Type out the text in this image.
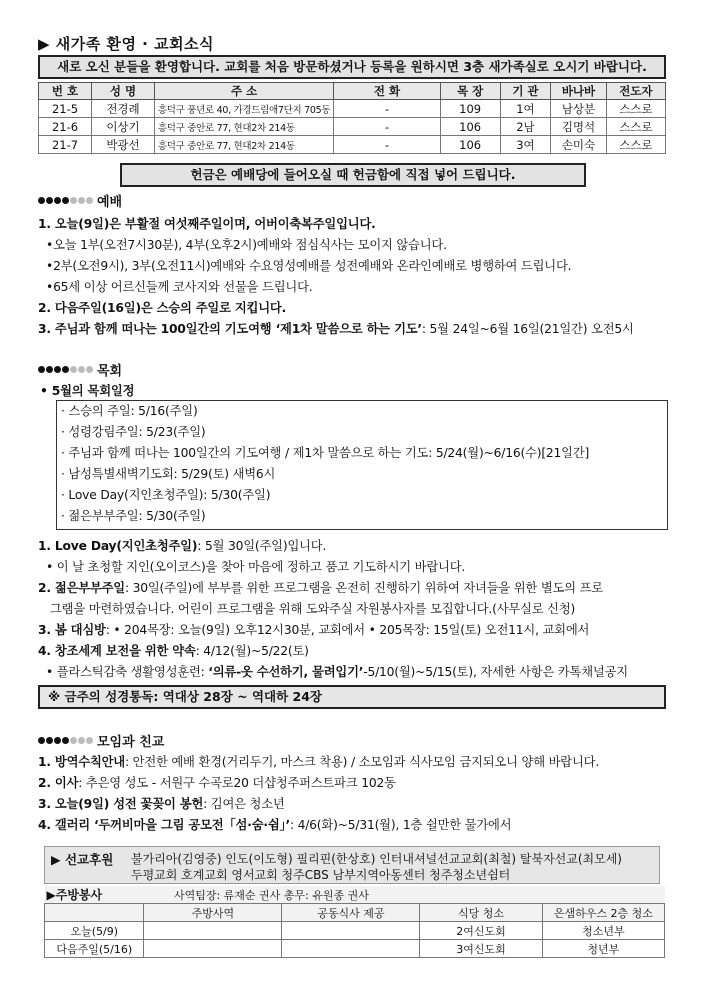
▶ 새가족 환영 · 교회소식
새로 오신 분들을 환영합니다. 교회를 처음 방문하셨거나 등록을 원하시면 3층 새가족실로 오시기 바랍니다.
번 호	성 명	주 소	전 화	목 장	기 관	바나바	전도자
21-5	전경례	흥덕구 풍년로 40, 가경드림애7단지 705동	-	109	1여	남상분	스스로
21-6	이상기	흥덕구 중안로 77, 현대2차 214동	-	106	2남	김명석	스스로
21-7	박광선	흥덕구 중안로 77, 현대2차 214동	-	106	3여	손미숙	스스로
헌금은 예배당에 들어오실 때 헌금함에 직접 넣어 드립니다.
예배
1. 오늘(9일)은 부활절 여섯째주일이며, 어버이축복주일입니다.
•오늘 1부(오전7시30분), 4부(오후2시)예배와 점심식사는 모이지 않습니다.
•2부(오전9시), 3부(오전11시)예배와 수요영성예배를 성전예배와 온라인예배로 병행하여 드립니다.
•65세 이상 어르신들께 코사지와 선물을 드립니다.
2. 다음주일(16일)은 스승의 주일로 지킵니다.
3. 주님과 함께 떠나는 100일간의 기도여행 ‘제1차 말씀으로 하는 기도’: 5월 24일~6월 16일(21일간) 오전5시
목회
• 5월의 목회일정
· 스승의 주일: 5/16(주일)
· 성령강림주일: 5/23(주일)
· 주님과 함께 떠나는 100일간의 기도여행 / 제1차 말씀으로 하는 기도: 5/24(월)~6/16(수)[21일간]
· 남성특별새벽기도회: 5/29(토) 새벽6시
· Love Day(지인초청주일): 5/30(주일)
· 젊은부부주일: 5/30(주일)
1. Love Day(지인초청주일): 5월 30일(주일)입니다.
• 이 날 초청할 지인(오이코스)을 찾아 마음에 정하고 품고 기도하시기 바랍니다.
2. 젊은부부주일: 30일(주일)에 부부를 위한 프로그램을 온전히 진행하기 위하여 자녀들을 위한 별도의 프로
그램을 마련하였습니다. 어린이 프로그램을 위해 도와주실 자원봉사자를 모집합니다.(사무실로 신청)
3. 봄 대심방: • 204목장: 오늘(9일) 오후12시30분, 교회에서 • 205목장: 15일(토) 오전11시, 교회에서
4. 창조세계 보전을 위한 약속: 4/12(월)~5/22(토)
• 플라스틱감축 생활영성훈련: ‘의류-옷 수선하기, 물려입기’-5/10(월)~5/15(토), 자세한 사항은 카톡채널공지
※ 금주의 성경통독: 역대상 28장 ~ 역대하 24장
모임과 친교
1. 방역수칙안내: 안전한 예배 환경(거리두기, 마스크 착용) / 소모임과 식사모임 금지되오니 양해 바랍니다.
2. 이사: 추은영 성도 - 서원구 수곡로20 더샵청주퍼스트파크 102동
3. 오늘(9일) 성전 꽃꽂이 봉헌: 김여은 청소년
4. 갤러리 ‘두꺼비마을 그림 공모전「섬·숨·쉼」’: 4/6(화)~5/31(월), 1층 쉴만한 물가에서
▶ 선교후원 불가리아(김영중) 인도(이도형) 필리핀(한상호) 인터내셔널선교교회(최철) 탈북자선교(최모세)
두평교회 호계교회 영서교회 청주CBS 남부지역아동센터 청주청소년쉼터
▶주방봉사	사역팀장: 류재순 권사 총무: 유원종 권사			
	주방사역	공동식사 제공	식당 청소	은샘하우스 2층 청소
오늘(5/9)			2여신도회	청소년부
다음주일(5/16)			3여신도회	청년부
